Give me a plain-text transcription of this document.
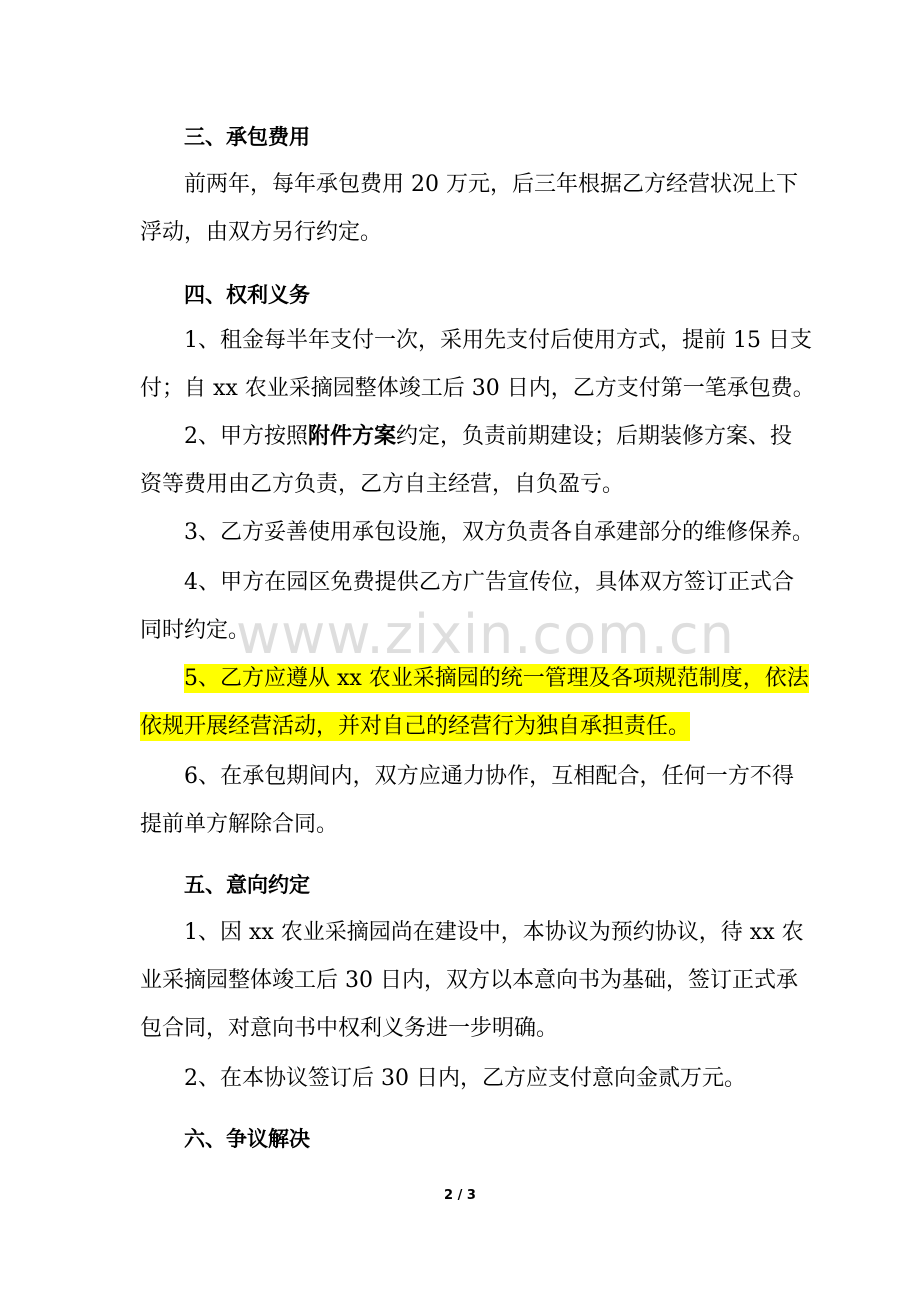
三、承包费用
前两年，每年承包费用 20 万元，后三年根据乙方经营状况上下
浮动，由双方另行约定。
四、权利义务
1、租金每半年支付一次，采用先支付后使用方式，提前 15 日支
付；自 xx 农业采摘园整体竣工后 30 日内，乙方支付第一笔承包费。
2、甲方按照附件方案约定，负责前期建设；后期装修方案、投
资等费用由乙方负责，乙方自主经营，自负盈亏。
3、乙方妥善使用承包设施，双方负责各自承建部分的维修保养。
4、甲方在园区免费提供乙方广告宣传位，具体双方签订正式合
同时约定。
5、乙方应遵从 xx 农业采摘园的统一管理及各项规范制度，依法
依规开展经营活动，并对自己的经营行为独自承担责任。
6、在承包期间内，双方应通力协作，互相配合，任何一方不得
提前单方解除合同。
五、意向约定
1、因 xx 农业采摘园尚在建设中，本协议为预约协议，待 xx 农
业采摘园整体竣工后 30 日内，双方以本意向书为基础，签订正式承
包合同，对意向书中权利义务进一步明确。
2、在本协议签订后 30 日内，乙方应支付意向金贰万元。
六、争议解决
www.zixin.com.cn
2 / 3
